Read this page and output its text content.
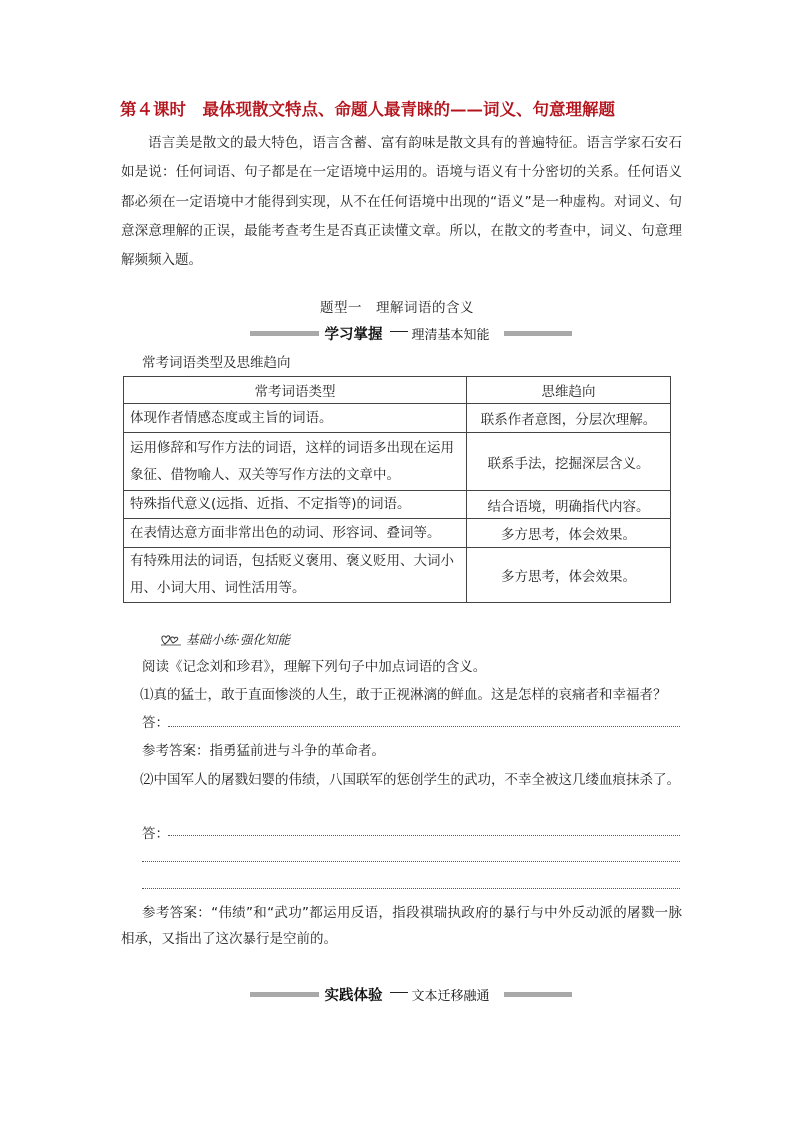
第４课时　最体现散文特点、命题人最青睐的——词义、句意理解题

语言美是散文的最大特色，语言含蓄、富有韵味是散文具有的普遍特征。语言学家石安石如是说：任何词语、句子都是在一定语境中运用的。语境与语义有十分密切的关系。任何语义都必须在一定语境中才能得到实现，从不在任何语境中出现的“语义”是一种虚构。对词义、句意深意理解的正误，最能考查考生是否真正读懂文章。所以，在散文的考查中，词义、句意理解频频入题。

题型一　理解词语的含义
学习掌握 理清基本知能
常考词语类型及思维趋向
常考词语类型	思维趋向
体现作者情感态度或主旨的词语。	联系作者意图，分层次理解。
运用修辞和写作方法的词语，这样的词语多出现在运用象征、借物喻人、双关等写作方法的文章中。	联系手法，挖掘深层含义。
特殊指代意义(远指、近指、不定指等)的词语。	结合语境，明确指代内容。
在表情达意方面非常出色的动词、形容词、叠词等。	多方思考，体会效果。
有特殊用法的词语，包括贬义褒用、褒义贬用、大词小用、小词大用、词性活用等。	多方思考，体会效果。
基础小练·强化知能

阅读《记念刘和珍君》，理解下列句子中加点词语的含义。

⑴真的猛士，敢于直面惨淡的人生，敢于正视淋漓的鲜血。这是怎样的哀痛者和幸福者？

答：

参考答案：指勇猛前进与斗争的革命者。

⑵中国军人的屠戮妇婴的伟绩，八国联军的惩创学生的武功，不幸全被这几缕血痕抹杀了。

答：

参考答案：“伟绩”和“武功”都运用反语，指段祺瑞执政府的暴行与中外反动派的屠戮一脉相承，又指出了这次暴行是空前的。

实践体验 文本迁移融通
